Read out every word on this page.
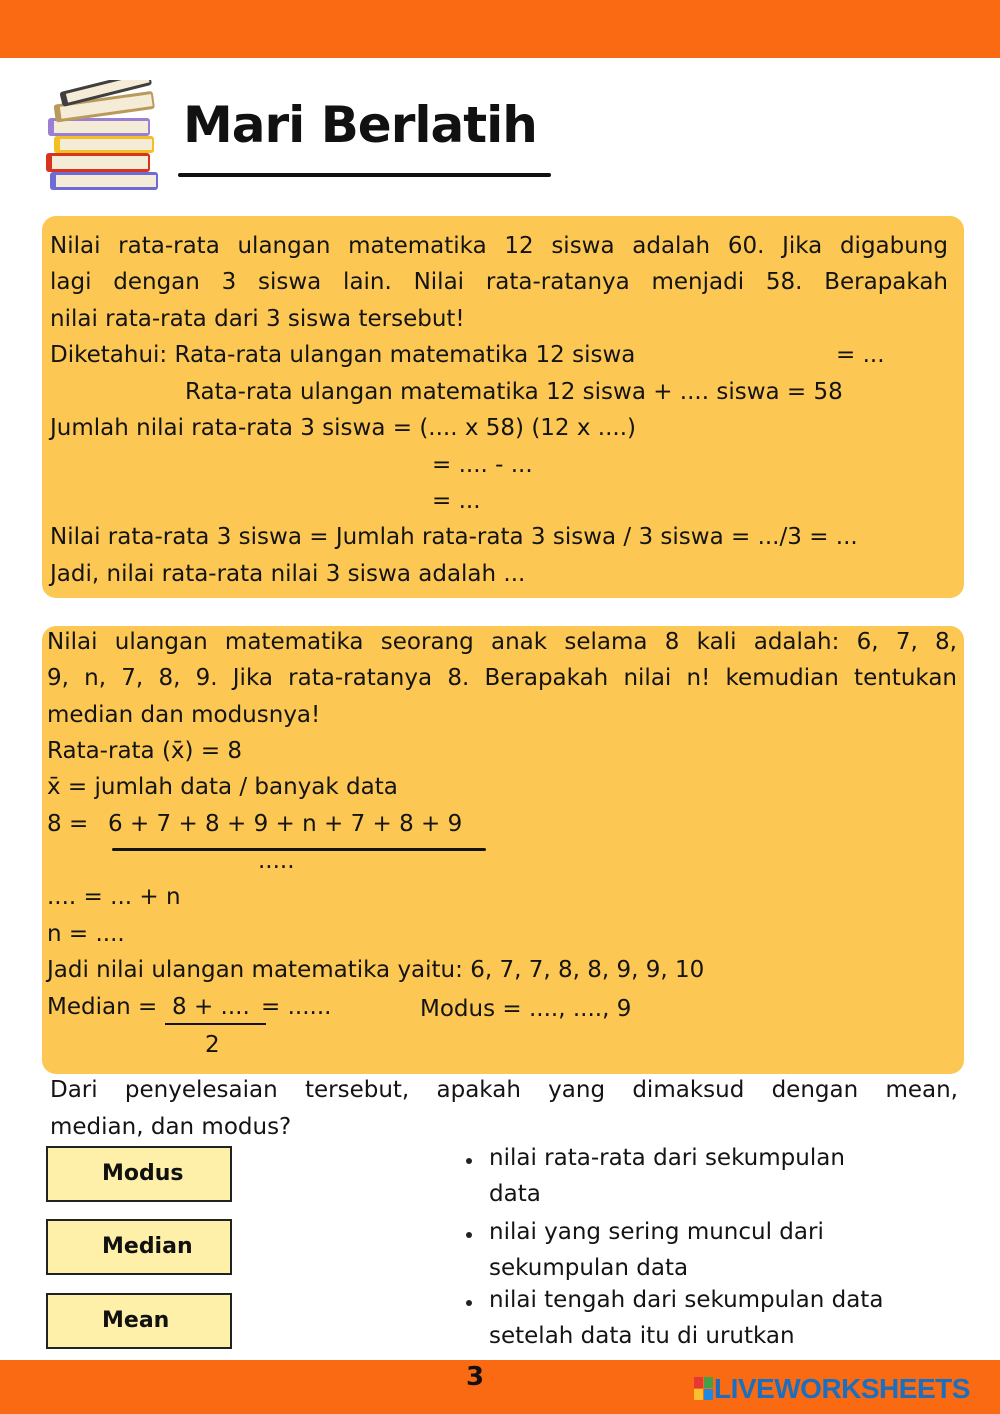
Mari Berlatih
Nilai rata-rata ulangan matematika 12 siswa adalah 60. Jika digabung
lagi dengan 3 siswa lain. Nilai rata-ratanya menjadi 58. Berapakah
nilai rata-rata dari 3 siswa tersebut!
Diketahui: Rata-rata ulangan matematika 12 siswa	= ...
Rata-rata ulangan matematika 12 siswa + .... siswa = 58
Jumlah nilai rata-rata 3 siswa = (.... x 58) (12 x ....)
= .... - ...
= ...
Nilai rata-rata 3 siswa = Jumlah rata-rata 3 siswa / 3 siswa = .../3 = ...
Jadi, nilai rata-rata nilai 3 siswa adalah ...
Nilai ulangan matematika seorang anak selama 8 kali adalah: 6, 7, 8,
9, n, 7, 8, 9. Jika rata-ratanya 8. Berapakah nilai n! kemudian tentukan
median dan modusnya!
Rata-rata (x̄) = 8
x̄ = jumlah data / banyak data
8 = 6 + 7 + 8 + 9 + n + 7 + 8 + 9
.....
.... = ... + n
n = ....
Jadi nilai ulangan matematika yaitu: 6, 7, 7, 8, 8, 9, 9, 10
Median = 8 + .... = ......
2
Modus = ...., ...., 9
Dari penyelesaian tersebut, apakah yang dimaksud dengan mean,
median, dan modus?
Modus
Median
Mean
nilai rata-rata dari sekumpulan
data
nilai yang sering muncul dari
sekumpulan data
nilai tengah dari sekumpulan data
setelah data itu di urutkan
3	LIVEWORKSHEETS
